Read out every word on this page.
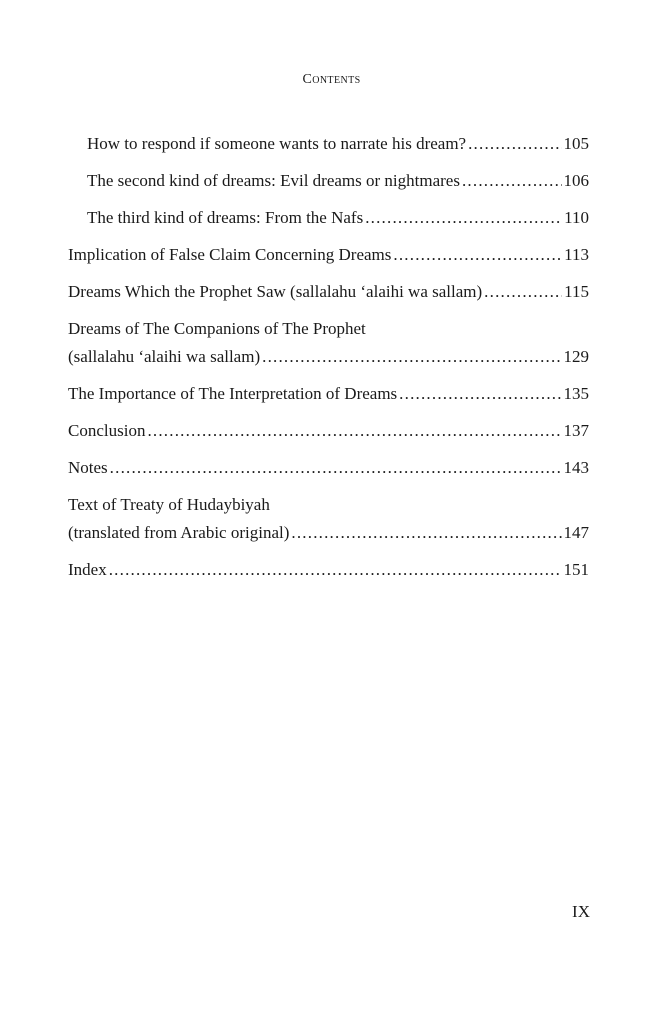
Contents
How to respond if someone wants to narrate his dream? .....	105
The second kind of dreams: Evil dreams or nightmares .....	106
The third kind of dreams: From the Nafs .....	110
Implication of False Claim Concerning Dreams .....	113
Dreams Which the Prophet Saw (sallalahu ‘alaihi wa sallam) .....	115
Dreams of The Companions of The Prophet
(sallalahu ‘alaihi wa sallam) .....	129
The Importance of The Interpretation of Dreams .....	135
Conclusion .....	137
Notes .....	143
Text of Treaty of Hudaybiyah
(translated from Arabic original) .....	147
Index .....	151
IX
